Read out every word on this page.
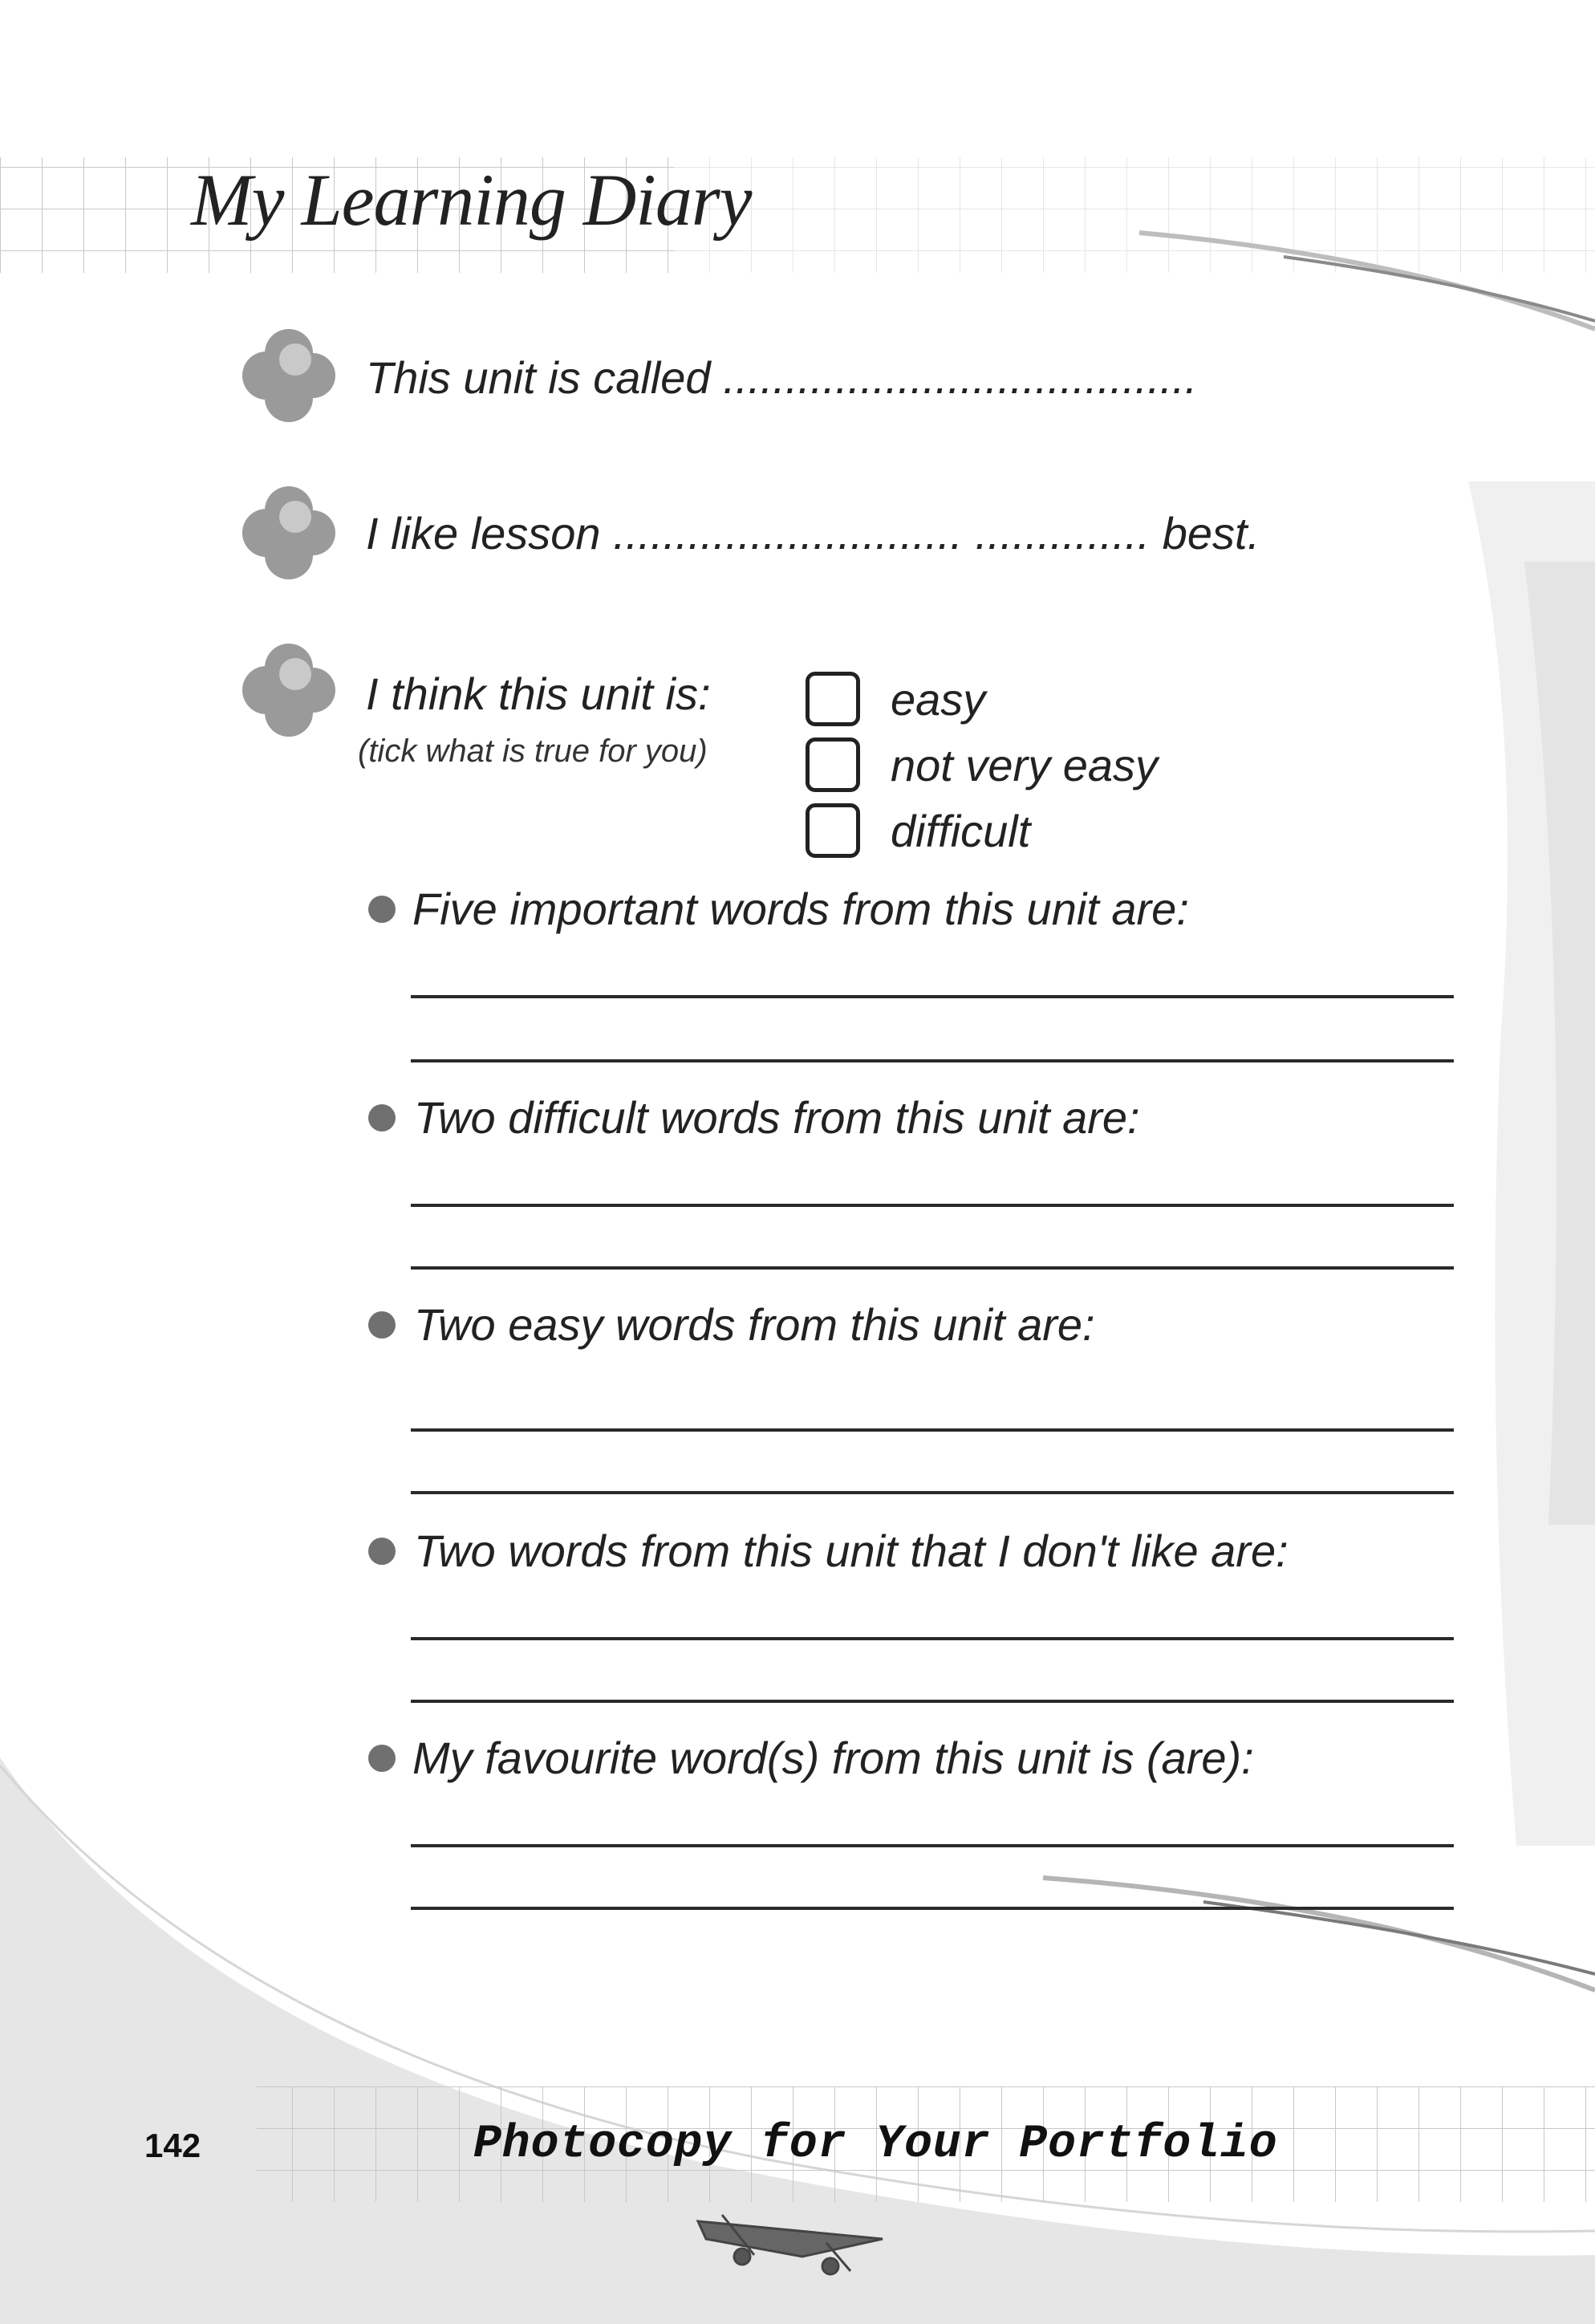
My Learning Diary
This unit is called ......................................
I like lesson ............................ .............. best.
I think this unit is:
(tick what is true for you)
easy
not very easy
difficult
Five important words from this unit are:
Two difficult words from this unit are:
Two easy words from this unit are:
Two words from this unit that I don't like are:
My favourite word(s) from this unit is (are):
142	Photocopy for Your Portfolio
